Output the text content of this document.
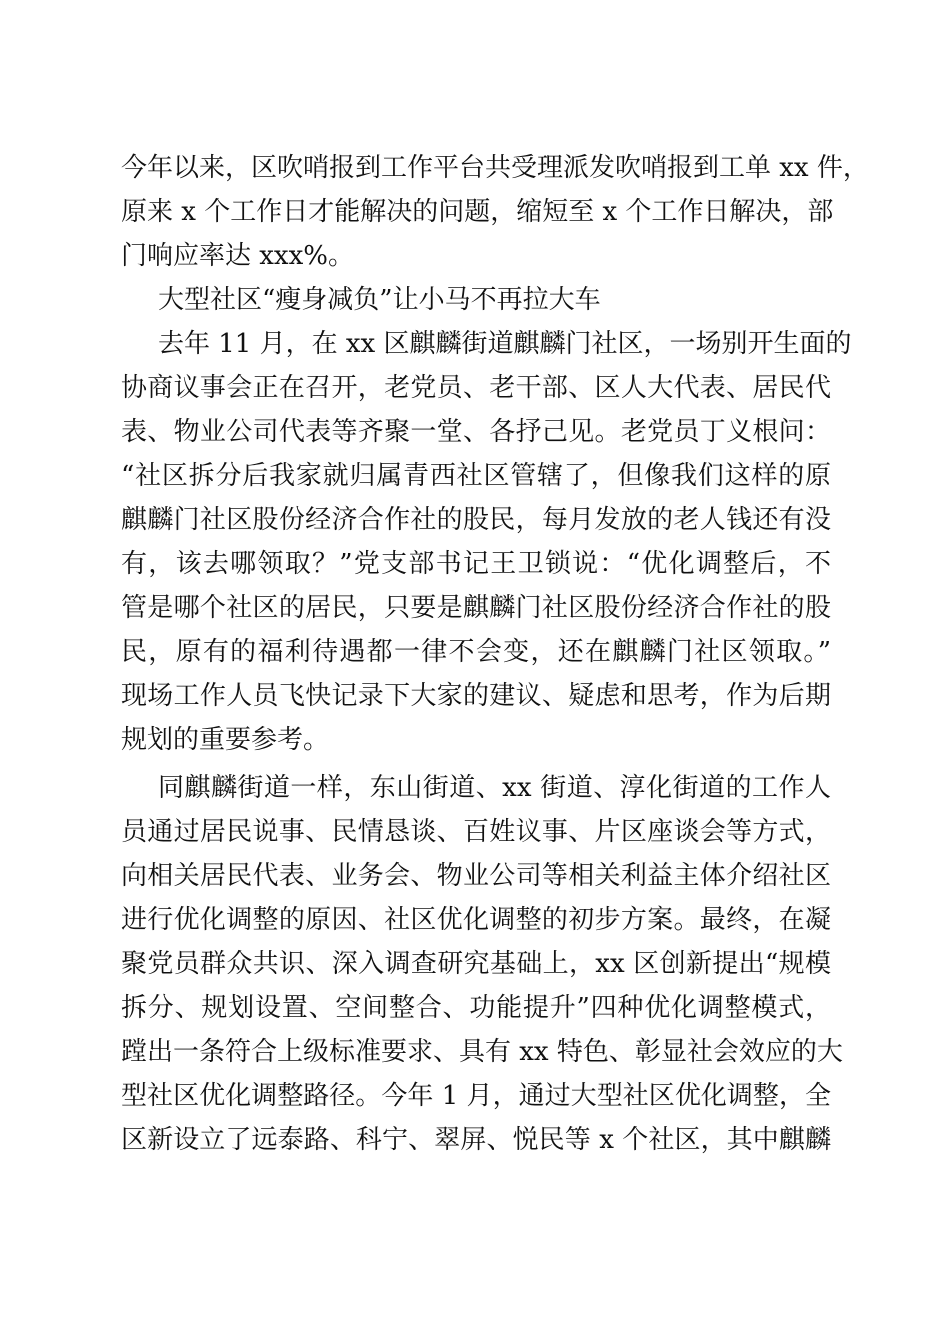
今年以来，区吹哨报到工作平台共受理派发吹哨报到工单 xx 件，
原来 x 个工作日才能解决的问题，缩短至 x 个工作日解决，部
门响应率达 xxx%。
大型社区“瘦身减负”让小马不再拉大车
去年 11 月，在 xx 区麒麟街道麒麟门社区，一场别开生面的
协商议事会正在召开，老党员、老干部、区人大代表、居民代
表、物业公司代表等齐聚一堂、各抒己见。老党员丁义根问：
“社区拆分后我家就归属青西社区管辖了，但像我们这样的原
麒麟门社区股份经济合作社的股民，每月发放的老人钱还有没
有，该去哪领取？”党支部书记王卫锁说：“优化调整后，不
管是哪个社区的居民，只要是麒麟门社区股份经济合作社的股
民，原有的福利待遇都一律不会变，还在麒麟门社区领取。”
现场工作人员飞快记录下大家的建议、疑虑和思考，作为后期
规划的重要参考。
同麒麟街道一样，东山街道、xx 街道、淳化街道的工作人
员通过居民说事、民情恳谈、百姓议事、片区座谈会等方式，
向相关居民代表、业务会、物业公司等相关利益主体介绍社区
进行优化调整的原因、社区优化调整的初步方案。最终，在凝
聚党员群众共识、深入调查研究基础上，xx 区创新提出“规模
拆分、规划设置、空间整合、功能提升”四种优化调整模式，
蹚出一条符合上级标准要求、具有 xx 特色、彰显社会效应的大
型社区优化调整路径。今年 1 月，通过大型社区优化调整，全
区新设立了远泰路、科宁、翠屏、悦民等 x 个社区，其中麒麟
